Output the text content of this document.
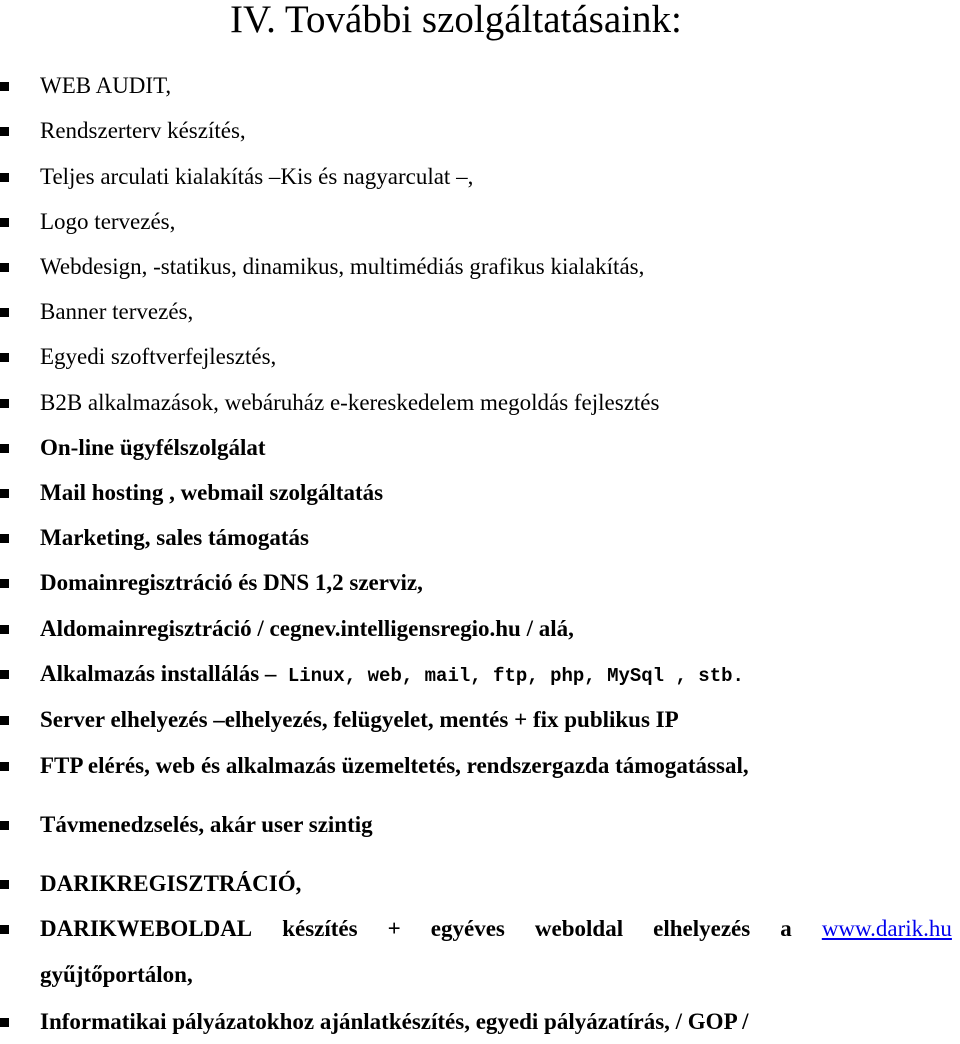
IV. További szolgáltatásaink:
WEB AUDIT,
Rendszerterv készítés,
Teljes arculati kialakítás –Kis és nagyarculat –,
Logo tervezés,
Webdesign, -statikus, dinamikus, multimédiás grafikus kialakítás,
Banner tervezés,
Egyedi szoftverfejlesztés,
B2B alkalmazások, webáruház e-kereskedelem megoldás fejlesztés
On-line ügyfélszolgálat
Mail hosting , webmail szolgáltatás
Marketing, sales támogatás
Domainregisztráció és DNS 1,2 szerviz,
Aldomainregisztráció / cegnev.intelligensregio.hu / alá,
Alkalmazás installálás – Linux, web, mail, ftp, php, MySql , stb.
Server elhelyezés –elhelyezés, felügyelet, mentés + fix publikus IP
FTP elérés, web és alkalmazás üzemeltetés, rendszergazda támogatással,
Távmenedzselés, akár user szintig
DARIKREGISZTRÁCIÓ,
DARIKWEBOLDAL készítés + egyéves weboldal elhelyezés a www.darik.hu
gyűjtőportálon,
Informatikai pályázatokhoz ajánlatkészítés, egyedi pályázatírás, / GOP /
